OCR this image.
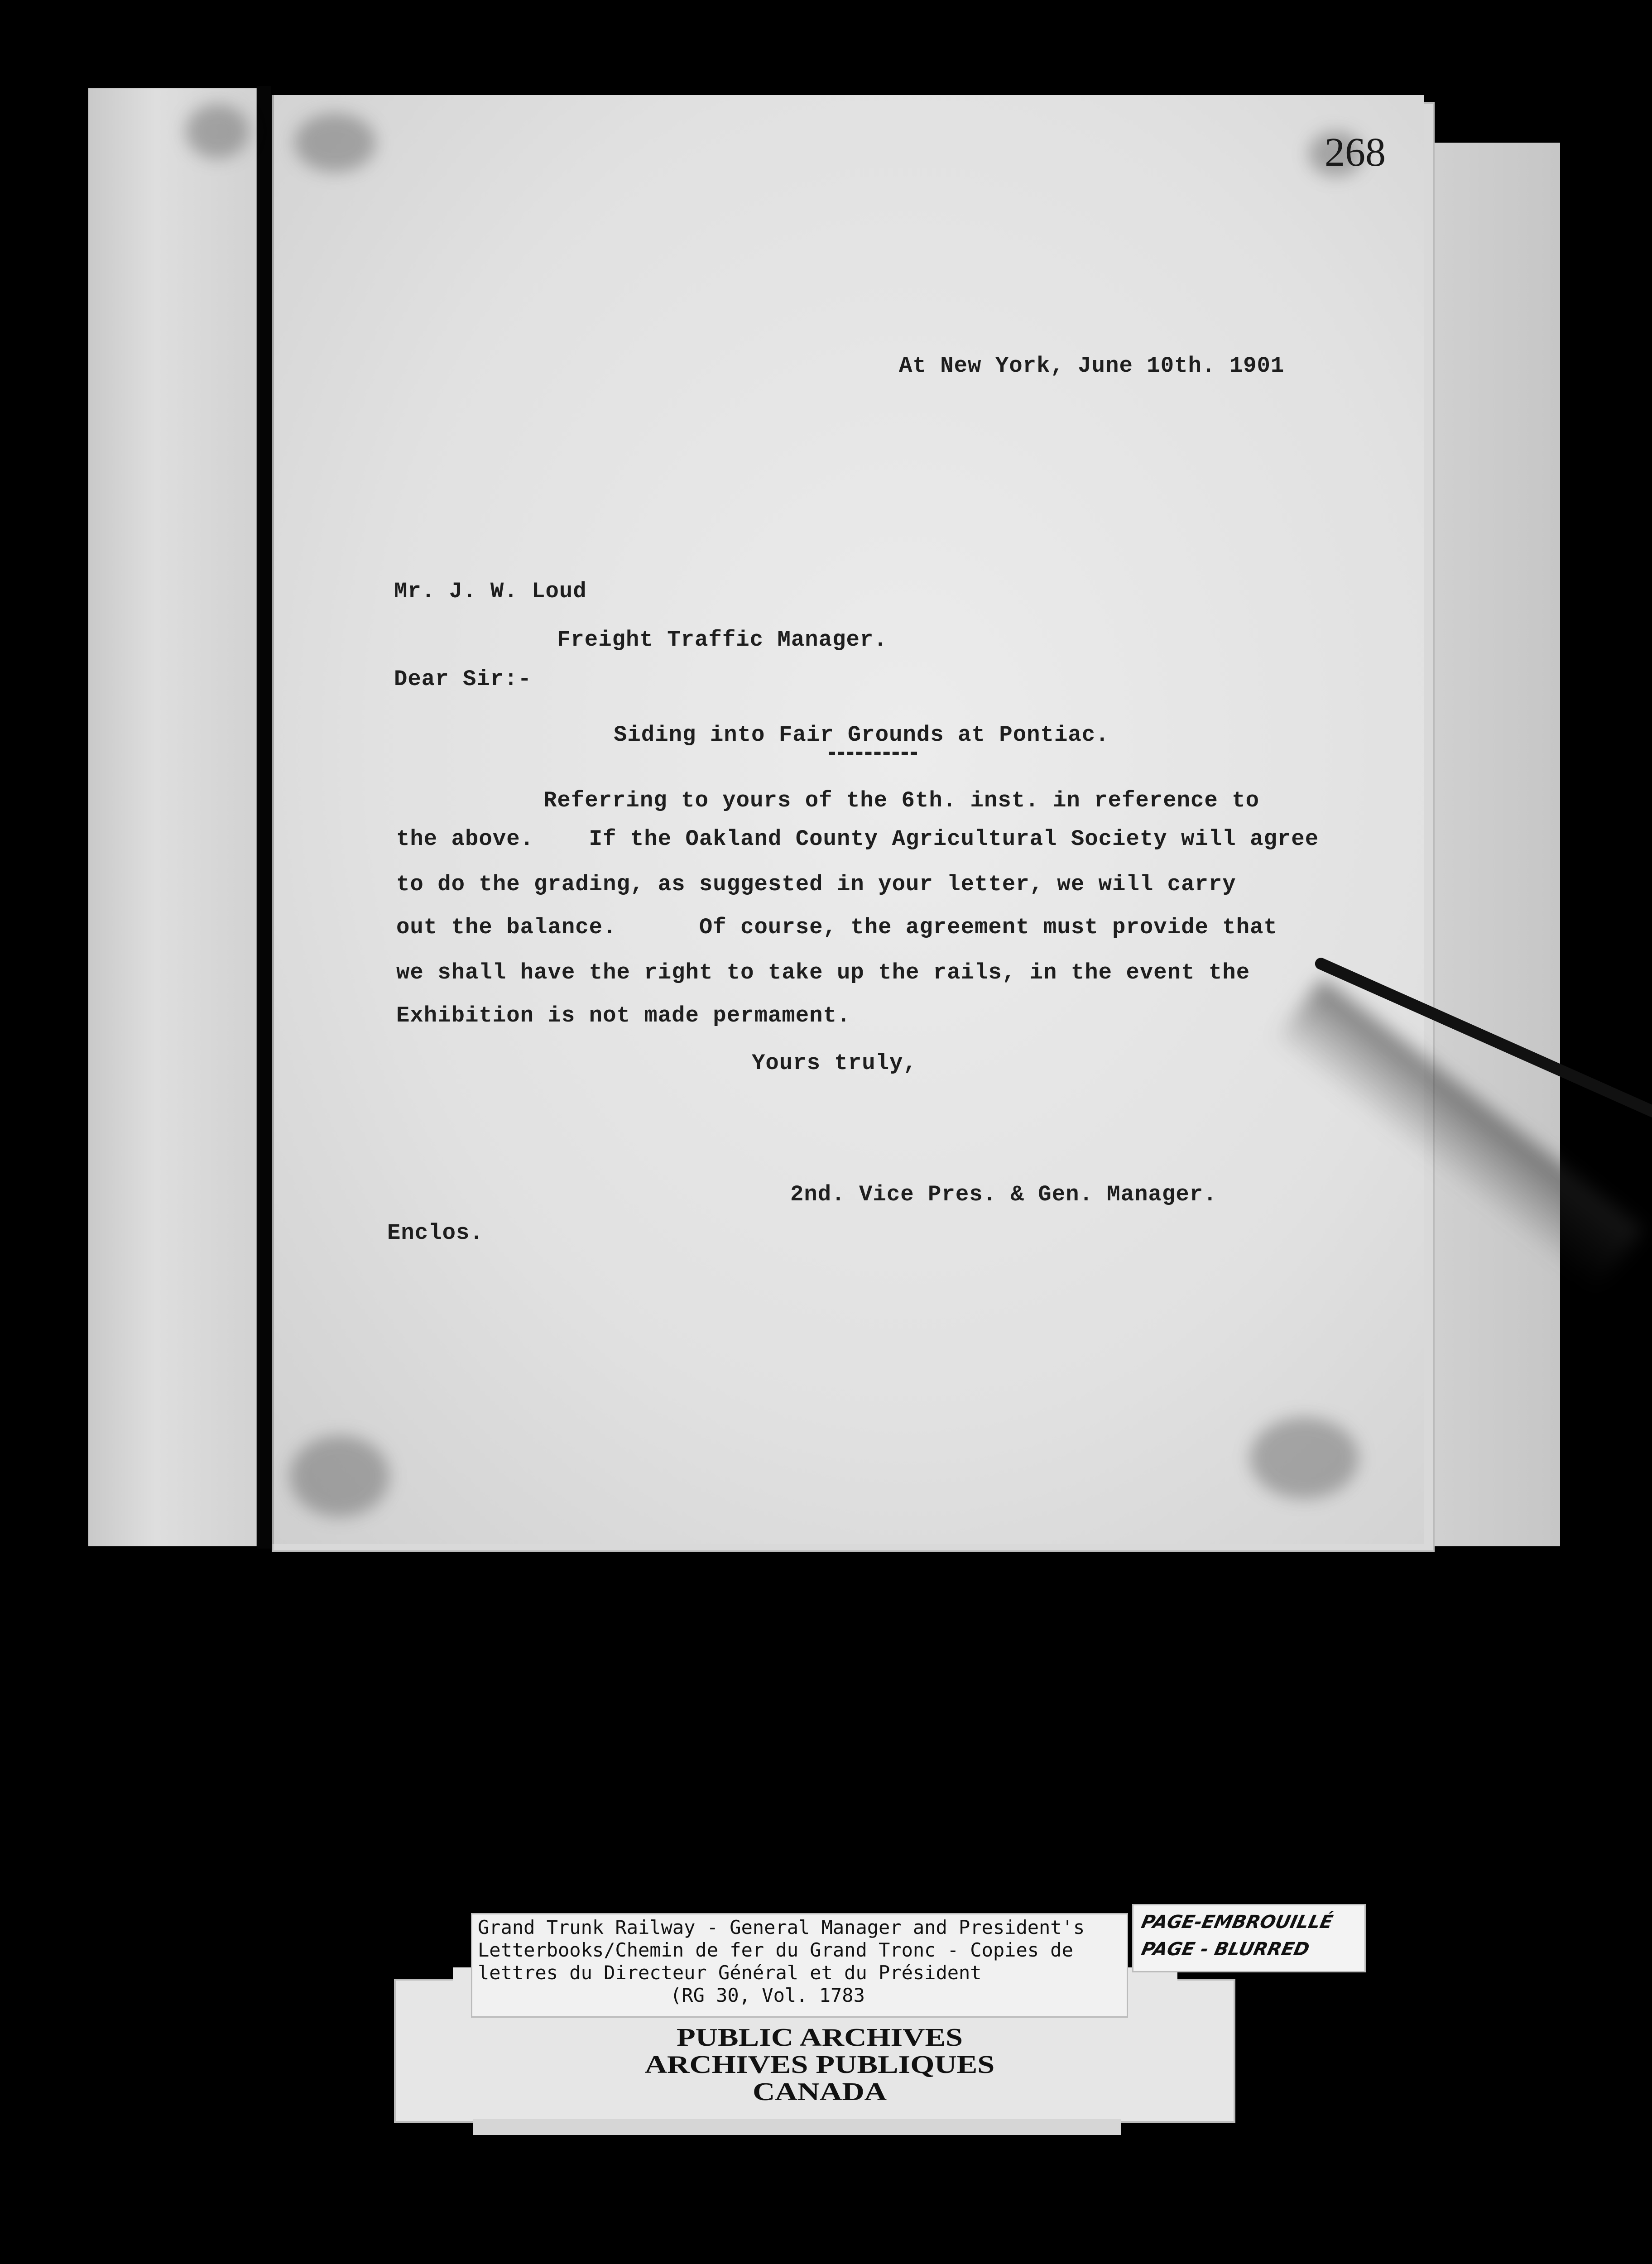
268
At New York, June 10th. 1901
Mr. J. W. Loud
Freight Traffic Manager.
Dear Sir:-
Siding into Fair Grounds at Pontiac.
Referring to yours of the 6th. inst. in reference to
the above.    If the Oakland County Agricultural Society will agree
to do the grading, as suggested in your letter, we will carry
out the balance.      Of course, the agreement must provide that
we shall have the right to take up the rails, in the event the
Exhibition is not made permament.
Yours truly,
2nd. Vice Pres. & Gen. Manager.
Enclos.
Grand Trunk Railway - General Manager and President's
Letterbooks/Chemin de fer du Grand Tronc - Copies de
lettres du Directeur Général et du Président
(RG 30, Vol. 1783
PUBLIC ARCHIVES
ARCHIVES PUBLIQUES
CANADA
PAGE-EMBROUILLÉ
PAGE - BLURRED
